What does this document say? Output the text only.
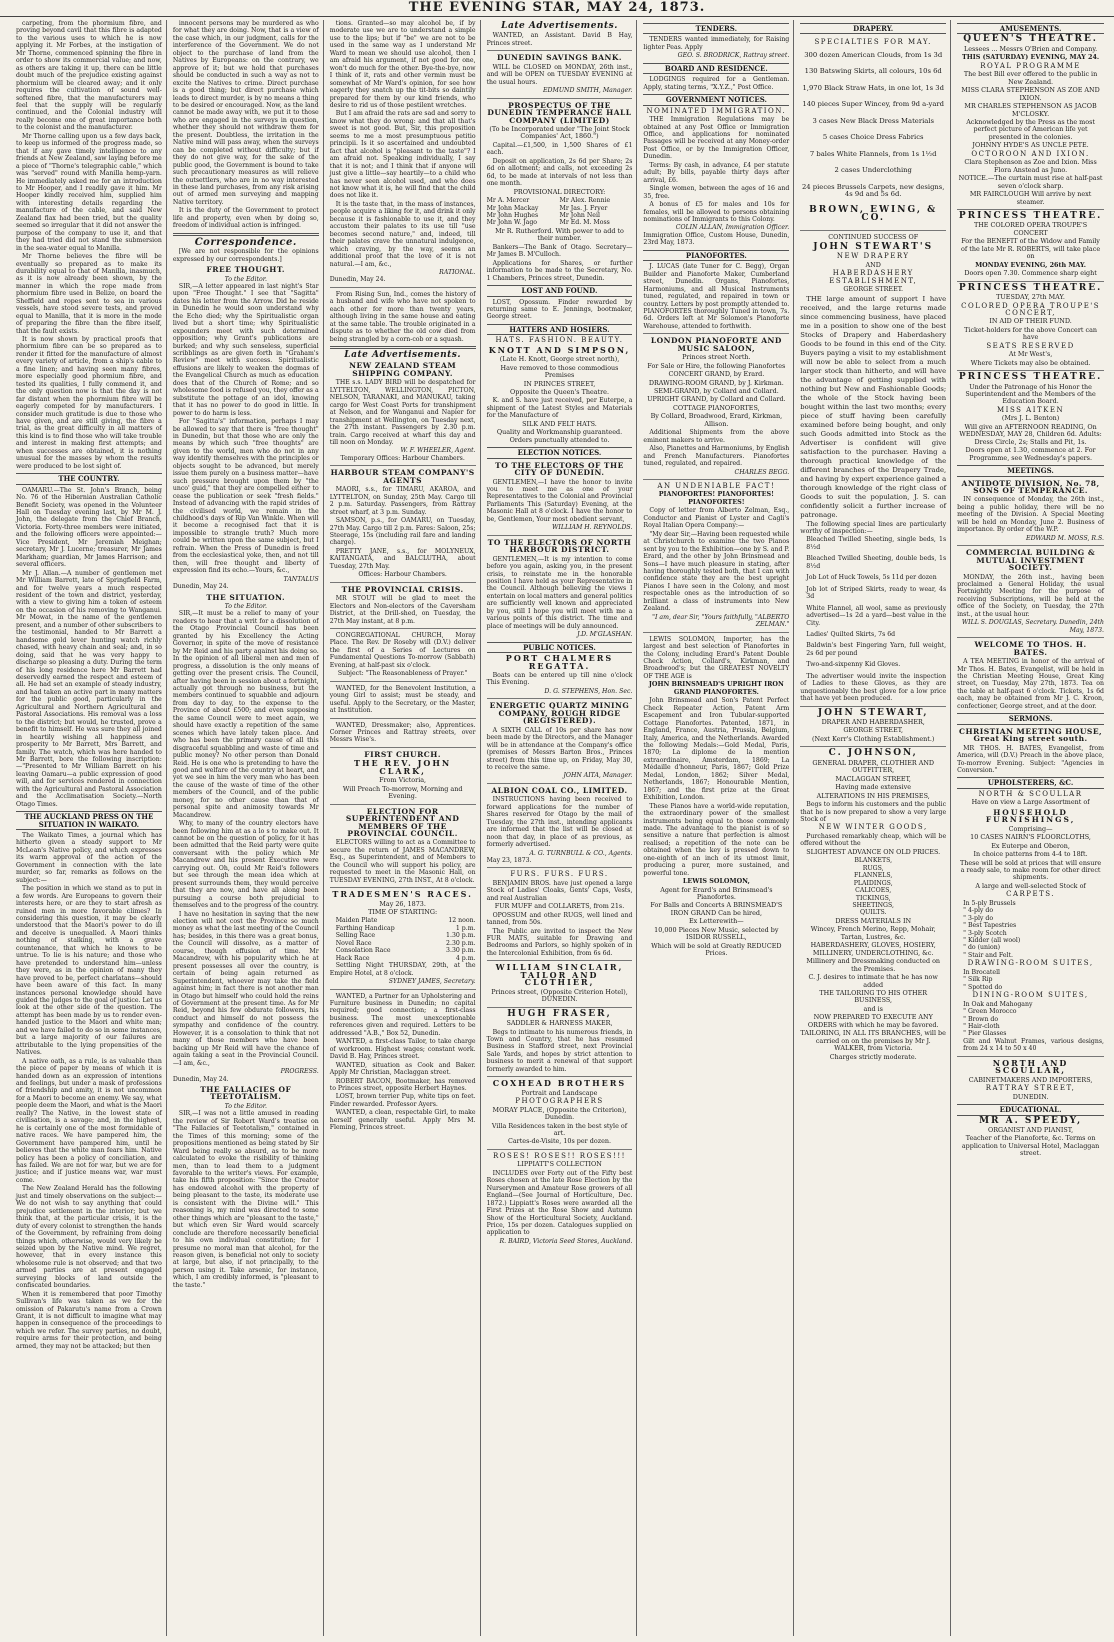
THE EVENING STAR, MAY 24, 1873.

carpeting, from the phormium fibre, and proving beyond cavil that this fibre is adapted to the various uses to which he is now applying it. Mr Forbes, at the instigation of Mr Thorne, commenced spinning the fibre in order to show its commercial value; and now, as others are taking it up, there can be little doubt much of the prejudice existing against phormium will be cleared away; and it only requires the cultivation of sound well-softened fibre, that the manufacturers may feel that the supply will be regularly continued, and the Colonial industry will really become one of great importance both to the colonist and the manufacturer.

Mr Thorne calling upon us a few days back, to keep us informed of the progress made, so that if any gave timely intelligence to any friends at New Zealand, saw laying before me a piece of "Thorne's telegraphic cable," which was "served" round with Manilla hemp-yarn. He immediately asked me for an introduction to Mr Hooper, and I readily gave it him. Mr Hooper kindly received him, supplied him with interesting details regarding the manufacture of the cable, and said New Zealand flax had been tried, but the quality seemed so irregular that it did not answer the purpose of the company to use it, and that they had tried did not stand the submersion in the sea-water equal to Manilla.

Mr Thorne believes the fibre will be eventually so prepared as to make its durability equal to that of Manilla, inasmuch, as it is now already been shown, by the manner in which the rope made from phormium fibre used in Belize, on board the Sheffield and ropes sent to sea in various vessels, have stood severe tests, and proved equal to Manilla, that it is more in the mode of preparing the fibre than the fibre itself, that the fault exists.

It is now shown by practical proofs that phormium fibre can be so prepared as to render it fitted for the manufacture of almost every variety of article, from a ship's cable to a fine linen; and having seen many fibres, more especially good phormium fibre, and tested its qualities, I fully commend it, and the only question now is that the day is not far distant when the phormium fibre will be eagerly competed for by manufacturers. I consider much gratitude is due to those who have given, and are still giving, the fibre a trial, as the great difficulty in all matters of this kind is to find those who will take trouble and interest in making first attempts; and when successes are obtained, it is nothing unusual for the masses by whom the results were produced to be lost sight of.

THE COUNTRY.

OAMARU.—The St. John's Branch, being No. 76 of the Hibernian Australian Catholic Benefit Society, was opened in the Volunteer Hall on Tuesday evening last, by Mr M. J. John, the delegate from the Chief Branch, Victoria. Forty-three members were initiated, and the following officers were appointed:— Vice President, Mr Jeremiah Meighan; secretary, Mr J. Lucerne; treasurer, Mr James Markham; guardian, Mr James Harrison; and several officers.

Mr J. Allan.—A number of gentlemen met Mr William Barrett, late of Springfield Farm, and for twelve years a much respected resident of the town and district, yesterday, with a view to giving him a token of esteem on the occasion of his removing to Wanganui. Mr Mowat, in the name of the gentlemen present, and a number of other subscribers to the testimonial, handed to Mr Barrett a handsome gold lever hunting watch richly chased, with heavy chain and seal; and, in so doing, said that he was very happy to discharge so pleasing a duty. During the term of his long residence here Mr Barrett had deservedly earned the respect and esteem of all. He had set an example of steady industry, and had taken an active part in many matters for the public good, particularly in the Agricultural and Northern Agricultural and Pastoral Associations. His removal was a loss to the district; but would, he trusted, prove a benefit to himself. He was sure they all joined in heartily wishing all happiness and prosperity to Mr Barrett, Mrs Barrett, and family. The watch, which was here handed to Mr Barrett, bore the following inscription:—"Presented to Mr William Barrett on his leaving Oamaru—a public expression of good will, and for services rendered in connection with the Agricultural and Pastoral Association and the Acclimatisation Society.—North Otago Times.

THE AUCKLAND PRESS ON THE SITUATION IN WAIKATO.

The Waikato Times, a journal which has hitherto given a steady support to Mr McLean's Native policy, and which expresses its warm approval of the action of the Government in connection with the late murder, so far, remarks as follows on the subject:—

The position in which we stand as to put in a few words. Are Europeans to govern their interests here, or are they to start afresh as ruined men in more favorable climes? In considering this question, it may be clearly understood that the Maori's power to do ill and deceive is unequalled. A Maori thinks nothing of stalking, with a grave countenance, that which he knows to be untrue. To lie is his nature; and those who have pretended to understand him—unless they were, as in the opinion of many they have proved to be, perfect charlatans—should have been aware of this fact. In many instances personal knowledge should have guided the judges to the goal of justice. Let us look at the other side of the question. The attempt has been made by us to render even-handed justice to the Maori and white man; and we have failed to do so in some instances, but a large majority of our failures are attributable to the lying propensities of the Natives.

A native oath, as a rule, is as valuable than the piece of paper by means of which it is handed down as an expression of intentions and feelings, but under a mask of professions of friendship and amity, it is not uncommon for a Maori to become an enemy. We say, what people deem the Maori, and what is the Maori really? The Native, in the lowest state of civilisation, is a savage; and, in the highest, he is certainly one of the most formidable of native races. We have pampered him, the Government have pampered him, until he believes that the white man fears him. Native policy has been a policy of conciliation, and has failed. We are not for war, but we are for justice; and if justice means war, war must come.

The New Zealand Herald has the following just and timely observations on the subject:—We do not wish to say anything that could prejudice settlement in the interior; but we think that, at the particular crisis, it is the duty of every colonist to strengthen the hands of the Government, by refraining from doing things which, otherwise, would very likely be seized upon by the Native mind. We regret, however, that in every instance this wholesome rule is not observed; and that two armed parties are at present engaged surveying blocks of land outside the confiscated boundaries.

When it is remembered that poor Timothy Sullivan's life was taken as we for the omission of Pakarutu's name from a Crown Grant, it is not difficult to imagine what may happen in consequence of the proceedings to which we refer. The survey parties, no doubt, require arms for their protection, and being armed, they may not be attacked; but then

innocent persons may be murdered as who for what they are doing. Now, that is a view of the case which, in our judgment, calls for the interference of the Government. We do not object to the purchase of land from the Natives by Europeans: on the contrary, we approve of it; but we hold that purchases should be conducted in such a way as not to excite the Natives to crime. Direct purchase is a good thing; but direct purchase which leads to direct murder, is by no means a thing to be desired or encouraged. Now, as the land cannot be made away with, we put it to those who are engaged in the surveys in question, whether they should not withdraw them for the present. Doubtless, the irritation in the Native mind will pass away, when the surveys can be completed without difficulty; but if they do not give way, for the sake of the public good, the Government is bound to take such precautionary measures as will relieve the outsettlers, who are in no way interested in these land purchases, from any risk arising out of armed men surveying and mapping Native territory.

It is the duty of the Government to protect life and property, even when by doing so, freedom of individual action is infringed.

Correspondence.

[We are not responsible for the opinions expressed by our correspondents.]

FREE THOUGHT.
To the Editor.

SIR,—A letter appeared in last night's Star upon "Free Thought." I see that "Sagitta" dates his letter from the Arrow. Did he reside in Dunedin he would soon understand why the Echo died; why the Spiritualistic organ lived but a short time; why Spiritualistic expounders meet with such determined opposition; why Grant's publications are burked; and why such senseless, superficial scribblings as are given forth in "Graham's Review" meet with success. Spiritualistic effusions are likely to weaken the dogmas of the Evangelical Church as much as education does that of the Church of Rome; and so wholesome food is refused you, they offer as a substitute the pottage of an idol, knowing that it has no power to do good in little. In power to do harm is less.

For "Sagitta's" information, perhaps I may be allowed to say that there is "free thought" in Dunedin, but that those who are only the means by which such "free thoughts" are given to the world, men who do not in any way identify themselves with the principles or objects sought to be advanced, but merely issue them purely on a business matter—have such pressure brought upon them by "the unco' guid," that they are compelled either to cease the publication or seek "fresh fields." Instead of advancing with the rapid strides of the civilised world, we remain in the childhood's days of Rip Van Winkle. When will it become a recognised fact that it is impossible to strangle truth? Much more could be written upon the same subject, but I refrain. When the Press of Dunedin is freed from the ecclesiastical yoke, then, and not till then, will free thought and liberty of expression find its echo.—Yours, &c.,

TANTALUS
Dunedin, May 24.
THE SITUATION.
To the Editor.

SIR,—It must be a relief to many of your readers to hear that a writ for a dissolution of the Otago Provincial Council has been granted by his Excellency the Acting Governor, in spite of the move of resistance by Mr Reid and his party against his doing so. In the opinion of all liberal men and men of progress, a dissolution is the only means of getting over the present crisis. The Council, after having been in session about a fortnight, actually got through no business, but the members continued to squabble and adjourn from day to day, to the expense to the Province of about £500; and even supposing the same Council were to meet again, we should have exactly a repetition of the same scenes which have lately taken place. And who has been the primary cause of all this disgraceful squabbling and waste of time and public money? No other person than Donald Reid. He is one who is pretending to have the good and welfare of the country at heart, and yet we see in him the very man who has been the cause of the waste of time of the other members of the Council, and of the public money, for no other cause than that of personal spite and animosity towards Mr Macandrew.

Why, to many of the country electors have been following him at as a lo s to make out. It cannot be on the question of policy, for it has been admitted that the Reid party were quite conversant with the policy which Mr Macandrew and his present Executive were carrying out. Oh, could Mr Reid's followers but see through the mean idea which at present surrounds them, they would perceive that they are now, and have all along been pursuing a course both prejudicial to themselves and to the progress of the country.

I have no hesitation in saying that the new election will not cost the Province so much money as what the last meeting of the Council has; besides, in this there was a great bonus, the Council will dissolve, as a matter of course, though effusion of time. Mr Macandrew, with his popularity which he at present possesses all over the country, is certain of being again returned as Superintendent, whoever may take the field against him; in fact there is not another man in Otago but himself who could hold the reins of Government at the present time. As for Mr Reid, beyond his few obdurate followers, his conduct and himself do not possess the sympathy and confidence of the country. However, it is a consolation to think that not many of those members who have been backing up Mr Reid will have the chance of again taking a seat in the Provincial Council.—I am, &c.,

PROGRESS.
Dunedin, May 24.
THE FALLACIES OF TEETOTALISM.
To the Editor.

SIR,—I was not a little amused in reading the review of Sir Robert Ward's treatise on "The Fallacies of Teetotalism," contained in the Times of this morning; some of the propositions mentioned as being stated by Sir Ward being really so absurd, as to be more calculated to evoke the risibility of thinking men, than to lead them to a judgment favorable to the writer's views. For example, take his fifth proposition: "Since the Creator has endowed alcohol with the property of being pleasant to the taste, its moderate use is consistent with the Divine will." This reasoning is, my mind was directed to some other things which are "pleasant to the taste," but which even Sir Ward would scarcely conclude are therefore necessarily beneficial to his own individual constitution; for I presume no moral man that alcohol, for the reason given, is beneficial not only to society at large, but also, if not principally, to the person using it. Take arsenic, for instance, which, I am credibly informed, is "pleasant to the taste."

tions. Granted—so may alcohol be, if by moderate use we are to understand a simple use to the lips; but if "be" we are not to be used in the same way as I understand Mr Ward to mean we should use alcohol, then I am afraid his argument, if not good for one, won't do much for the other. Bye-the-bye, now I think of it, rats and other vermin must be somewhat of Mr Ward's opinion, for see how eagerly they snatch up the tit-bits so daintily prepared for them by our kind friends, who desire to rid us of those pestilent wretches.

But I am afraid the rats are sad and sorry to know what they do wrong: and that all that's sweet is not good. But, Sir, this proposition seems to me a most presumptuous petitio principii. Is it so ascertained and undoubted fact that alcohol is "pleasant to the taste"? I am afraid not. Speaking individually, I say that it is not; and I think that if anyone will just give a little—say heartily—to a child who has never seen alcohol used, and who does not know what it is, he will find that the child does not like it.

It is the taste that, in the mass of instances, people acquire a liking for it, and drink it only because it is fashionable to use it, and they accustom their palates to its use till "use becomes second nature," and, indeed, till their palates crave the unnatural indulgence, which craving, by the way, seems an additional proof that the love of it is not natural.—I am, &c.,

RATIONAL.
Dunedin, May 24.

From Rising Sun, Ind., comes the history of a husband and wife who have not spoken to each other for more than twenty years, although living in the same house and eating at the same table. The trouble originated in a dispute as to whether the old cow died from being strangled by a corn-cob or a squash.

Late Advertisements.
NEW ZEALAND STEAM SHIPPING COMPANY.

THE s.s. LADY BIRD will be despatched for LYTTELTON, WELLINGTON, PICTON, NELSON, TARANAKI, and MANUKAU, taking cargo for West Coast Ports for transhipment at Nelson, and for Wanganui and Napier for transhipment at Wellington, on Tuesday next, the 27th instant. Passengers by 2.30 p.m. train. Cargo received at wharf this day and till noon on Monday.

W. F. WHEELER, Agent.
Temporary Offices: Harbour Chambers.
HARBOUR STEAM COMPANY'S AGENTS

MAORI, s.s., for TIMARU, AKAROA, and LYTTELTON, on Sunday, 25th May. Cargo till 2 p.m. Saturday. Passengers, from Rattray street wharf, at 3 p.m. Sunday.

SAMSON, p.s., for OAMARU, on Tuesday, 27th May. Cargo till 2 p.m. Fares: Saloon, 25s; Steerage, 15s (including rail fare and landing charge).

PRETTY JANE, s.s., for MOLYNEUX, KAITANGATA, and BALCLUTHA, about Tuesday, 27th May.

Offices: Harbour Chambers.
THE PROVINCIAL CRISIS.

MR STOUT will be glad to meet the Electors and Non-electors of the Caversham District, at the Drill-shed, on Tuesday, the 27th May instant, at 8 p.m.

CONGREGATIONAL CHURCH, Moray Place. The Rev. Dr Roseby will (D.V.) deliver the first of a Series of Lectures on Fundamental Questions To-morrow (Sabbath) Evening, at half-past six o'clock.

Subject: "The Reasonableness of Prayer."

WANTED, for the Benevolent Institution, a young Girl to assist; must be steady, and useful. Apply to the Secretary, or the Master, at Institution.

WANTED, Dressmaker; also, Apprentices. Corner Princes and Rattray streets, over Messrs Wise's.

FIRST CHURCH.
THE REV. JOHN CLARK,
From Victoria,
Will Preach To-morrow, Morning and Evening.
ELECTION FOR SUPERINTENDENT AND MEMBERS OF THE PROVINCIAL COUNCIL.

ELECTORS willing to act as a Committee to secure the return of JAMES MACANDREW, Esq., as Superintendent, and of Members to the Council who will support his policy, are requested to meet in the Masonic Hall, on TUESDAY EVENING, 27th INST., At 8 o'clock.

TRADESMEN'S RACES.
May 26, 1873.
TIME OF STARTING:
Maiden Plate	12 noon.
Farthing Handicap	1 p.m.
Selling Race	1.30 p.m.
Novel Race	2.30 p.m.
Consolation Race	3.30 p.m.
Hack Race	4 p.m.

Settling Night THURSDAY, 29th, at the Empire Hotel, at 8 o'clock.

SYDNEY JAMES, Secretary.

WANTED, a Partner for an Upholstering and Furniture business in Dunedin; no capital required; good connection; a first-class business. The most unexceptionable references given and required. Letters to be addressed "A.B.," Box 52, Dunedin.

WANTED, a first-class Tailor, to take charge of workroom. Highest wages; constant work. David B. Hay, Princes street.

WANTED, situation as Cook and Baker. Apply Mr Christian, Maclaggan street.

ROBERT BACON, Bootmaker, has removed to Princes street, opposite Herbert Haynes.

LOST, brown terrier Pup, white tips on feet. Finder rewarded. Professor Ayers.

WANTED, a clean, respectable Girl, to make herself generally useful. Apply Mrs M. Fleming, Princes street.

Late Advertisements.

WANTED, an Assistant. David B Hay, Princes street.

DUNEDIN SAVINGS BANK.

WILL be CLOSED on MONDAY, 26th inst., and will be OPEN on TUESDAY EVENING at the usual hours.

EDMUND SMITH, Manager.
PROSPECTUS OF THE DUNEDIN TEMPERANCE HALL COMPANY (LIMITED)
(To be Incorporated under "The Joint Stock Companies' Act, 1860.")

Capital.—£1,500, in 1,500 Shares of £1 each.

Deposit on application, 2s 6d per Share; 2s 6d on allotment; and calls, not exceeding 2s 6d, to be made at intervals of not less than one month.

PROVISIONAL DIRECTORY:
Mr A. Mercer	Mr Alex. Rennie
Mr John Mackay	Mr Jas. J. Fryer
Mr John Hughes	Mr John Neil
Mr John W. Jago	Mr Ed. M. Moss
Mr R. Rutherford. With power to add to their number.

Bankers—The Bank of Otago. Secretary—Mr James B. M'Culloch.

Applications for Shares, or further information to be made to the Secretary, No. 1 Chambers, Princes street, Dunedin.

LOST AND FOUND.

LOST, Opossum. Finder rewarded by returning same to E. Jennings, bootmaker, George street.

HATTERS AND HOSIERS.
HATS. FASHION. BEAUTY.
KNOTT AND SIMPSON,
(Late H. Knott, George street north),
Have removed to those commodious Premises
IN PRINCES STREET,
Opposite the Queen's Theatre.

K. and S. have just received, per Euterpe, a shipment of the Latest Styles and Materials for the Manufacture of

SILK AND FELT HATS.
Quality and Workmanship guaranteed. Orders punctually attended to.
ELECTION NOTICES.
TO THE ELECTORS OF THE CITY OF DUNEDIN.

GENTLEMEN,—I have the honor to invite you to meet me as one of your Representatives to the Colonial and Provincial Parliaments This (Saturday) Evening, at the Masonic Hall at 8 o'clock. I have the honor to be, Gentlemen, Your most obedient servant,

WILLIAM H. REYNOLDS.
TO THE ELECTORS OF NORTH HARBOUR DISTRICT.

GENTLEMEN,—It is my intention to come before you again, asking you, in the present crisis, to reinstate me in the honorable position I have held as your Representative in the Council. Although believing the views I entertain on local matters and general politics are sufficiently well known and appreciated by you, still I hope you will meet with me a various points of this district. The time and place of meetings will be duly announced.

J.D. M'GLASHAN.
PUBLIC NOTICES.
PORT CHALMERS REGATTA.

Boats can be entered up till nine o'clock This Evening.

D. G. STEPHENS, Hon. Sec.
ENERGETIC QUARTZ MINING COMPANY, ROUGH RIDGE (REGISTERED).

A SIXTH CALL of 10s per share has now been made by the Directors, and the Manager will be in attendance at the Company's office (premises of Messrs Barton Bros., Princes street) from this time up, on Friday, May 30, to receive the same.

JOHN AITA, Manager.
ALBION COAL CO., LIMITED.

INSTRUCTIONS having been received to forward applications for the number of Shares reserved for Otago by the mail of Tuesday, the 27th inst., intending applicants are informed that the list will be closed at noon that day, in place of as previous, as formerly advertised.

A. G. TURNBULL & CO., Agents.
May 23, 1873.
FURS. FURS. FURS.

BENJAMIN BROS. have just opened a large Stock of Ladies' Cloaks, Gents' Caps, Vests, and real Australian

FUR MUFF and COLLARETS, from 21s.

OPOSSUM and other RUGS, well lined and tanned, from 50s.

The Public are invited to inspect the New FUR MATS, suitable for Drawing and Bedrooms and Parlors, so highly spoken of in the Intercolonial Exhibition, from 6s 6d.

WILLIAM SINCLAIR, TAILOR AND CLOTHIER,
Princes street, (Opposite Criterion Hotel), DUNEDIN.
HUGH FRASER,
SADDLER & HARNESS MAKER,

Begs to intimate to his numerous friends, in Town and Country, that he has resumed Business in Stafford street, next Provincial Sale Yards, and hopes by strict attention to business to merit a renewal of that support formerly awarded to him.

COXHEAD BROTHERS
Portrait and Landscape
PHOTOGRAPHERS
MORAY PLACE, (Opposite the Criterion), Dunedin.
Villa Residences taken in the best style of art.
Cartes-de-Visite, 10s per dozen.
ROSES! ROSES!! ROSES!!!
LIPPIATT'S COLLECTION

INCLUDES over Forty out of the Fifty best Roses chosen at the late Rose Election by the Nurserymen and Amateur Rose growers of all England—(See Journal of Horticulture, Dec. 1872.) Lippiatt's Roses were awarded all the First Prizes at the Rose Show and Autumn Show of the Horticultural Society, Auckland. Price, 15s per dozen. Catalogues supplied on application to

R. BAIRD, Victoria Seed Stores, Auckland.
TENDERS.

TENDERS wanted immediately, for Raising lighter Peas. Apply

GEO. S. BRODRICK, Rattray street.
BOARD AND RESIDENCE.

LODGINGS required for a Gentleman. Apply, stating terms, "X.Y.Z.," Post Office.

GOVERNMENT NOTICES.
NOMINATED IMMIGRATION.

THE Immigration Regulations may be obtained at any Post Office or Immigration Office, and applications for nominated Passages will be received at any Money-order Post Office, or by the Immigration Officer, Dunedin.

Terms: By cash, in advance, £4 per statute adult; By bills, payable thirty days after arrival, £6.

Single women, between the ages of 16 and 35, free.

A bonus of £5 for males and 10s for females, will be allowed to persons obtaining nominations of Immigrants to this Colony.

COLIN ALLAN, Immigration Officer.
Immigration Office, Custom House, Dunedin, 23rd May, 1873.
PIANOFORTES.

J. LUCAS (late Tuner for C. Begg), Organ Builder and Pianoforte Maker, Cumberland street, Dunedin. Organs, Pianofortes, Harmoniums, and all Musical Instruments tuned, regulated, and repaired in town or country. Letters by post promptly attended to. PIANOFORTES thoroughly Tuned in town, 7s. 6d. Orders left at Mr Solomon's Pianoforte Warehouse, attended to forthwith.

LONDON PIANOFORTE AND MUSIC SALOON,
Princes street North.
For Sale or Hire, the following Pianofortes
CONCERT GRAND, by Erard.
DRAWING-ROOM GRAND, by J. Kirkman.
SEMI-GRAND, by Collard and Collard.
UPRIGHT GRAND, by Collard and Collard.
COTTAGE PIANOFORTES,
By Collard, Broadwood, Erard, Kirkman, Allison.

Additional Shipments from the above eminent makers to arrive.

Also, Pianettes and Harmoniums, by English and French Manufacturers. Pianofortes tuned, regulated, and repaired.

CHARLES BEGG.
AN UNDENIABLE FACT!
PIANOFORTES! PIANOFORTES! PIANOFORTES!

Copy of letter from Alberto Zelman, Esq., Conductor and Pianist of Lyster and Cagli's Royal Italian Opera Company:—

"My dear Sir,—Having been requested while at Christchurch to examine the two Pianos sent by you to the Exhibition—one by S. and P. Erard, and the other by John Brinsmead and Sons—I have much pleasure in stating, after having thoroughly tested both, that I can with confidence state they are the best upright Pianos I have seen in the Colony, and most respectable ones as the introduction of so brilliant a class of instruments into New Zealand.

"I am, dear Sir, "Yours faithfully, "ALBERTO ZELMAN."

LEWIS SOLOMON, Importer, has the largest and best selection of Pianofortes in the Colony, including Erard's Patent Double Check Action, Collard's, Kirkman, and Broadwood's; but the GREATEST NOVELTY OF THE AGE is

JOHN BRINSMEAD'S UPRIGHT IRON GRAND PIANOFORTES.

John Brinsmead and Son's Patent Perfect Check Repeater Action, Patent Arm Escapement and Iron Tubular-supported Cottage Pianofortes. Patented, 1871, in England, France, Austria, Prussia, Belgium, Italy, America, and the Netherlands. Awarded the following Medals:—Gold Medal, Paris, 1870; La diplome de la mention extraordinaire, Amsterdam, 1869; La Médaille d'honneur, Paris, 1867; Gold Prize Medal, London, 1862; Silver Medal, Netherlands, 1867; Honourable Mention, 1867; and the first prize at the Great Exhibition, London.

These Pianos have a world-wide reputation, the extraordinary power of the smallest instruments being equal to those commonly made. The advantage to the pianist is of so sensitive a nature that perfection is almost realised; a repetition of the note can be obtained when the key is pressed down to one-eighth of an inch of its utmost limit, producing a purer, more sustained, and powerful tone.

LEWIS SOLOMON,
Agent for Erard's and Brinsmead's Pianofortes.
For Balls and Concerts A BRINSMEAD'S IRON GRAND Can be hired,
Ex Letterewith—
10,000 Pieces New Music, selected by ISIDOR RUSSELL,
Which will be sold at Greatly REDUCED Prices.
DRAPERY.
SPECIALTIES FOR MAY.
300 dozen American Clouds, from 1s 3d
130 Batswing Skirts, all colours, 10s 6d
1,970 Black Straw Hats, in one lot, 1s 3d
140 pieces Super Wincey, from 9d a-yard
3 cases New Black Dress Materials
5 cases Choice Dress Fabrics
7 bales White Flannels, from 1s 1½d
2 cases Underclothing
24 pieces Brussels Carpets, new designs, 4s 9d and 5s 6d.
BROWN, EWING, & CO.
CONTINUED SUCCESS OF
JOHN STEWART'S
NEW DRAPERY
AND
HABERDASHERY ESTABLISHMENT,
GEORGE STREET.

THE large amount of support I have received, and the large returns made since commencing business, have placed me in a position to show one of the best Stocks of Drapery and Haberdashery Goods to be found in this end of the City. Buyers paying a visit to my establishment will now be able to select from a much larger stock than hitherto, and will have the advantage of getting supplied with nothing but New and Fashionable Goods; the whole of the Stock having been bought within the last two months; every piece of stuff having been carefully examined before being bought, and only such Goods admitted into Stock as the Advertiser is confident will give satisfaction to the purchaser. Having a thorough practical knowledge of the different branches of the Drapery Trade, and having by expert experience gained a thorough knowledge of the right class of Goods to suit the population, J. S. can confidently solicit a further increase of patronage.

The following special lines are particularly worthy of inspection:—

Bleached Twilled Sheeting, single beds, 1s 8½d
Bleached Twilled Sheeting, double beds, 1s 8½d
Job Lot of Huck Towels, 5s 11d per dozen
Job lot of Striped Skirts, ready to wear, 4s 3d
White Flannel, all wool, same as previously advertised—1s 2d a yard—best value in the City.
Ladies' Quilted Skirts, 7s 6d
Baldwin's best Fingering Yarn, full weight, 2s 6d per pound
Two-and-sixpenny Kid Gloves.

The advertiser would invite the inspection of Ladies to these Gloves, as they are unquestionably the best glove for a low price that have yet been produced.

JOHN STEWART,
DRAPER AND HABERDASHER,
GEORGE STREET,
(Next Kerr's Clothing Establishment.)
C. JOHNSON,
GENERAL DRAPER, CLOTHIER AND OUTFITTER,
MACLAGGAN STREET,
Having made extensive
ALTERATIONS IN HIS PREMISES,

Begs to inform his customers and the public that he is now prepared to show a very large Stock of

NEW WINTER GOODS,

Purchased remarkably cheap, which will be offered without the

SLIGHTEST ADVANCE ON OLD PRICES.
BLANKETS,
RUGS,
FLANNELS,
PLAIDINGS,
CALICOES,
TICKINGS,
SHEETINGS,
QUILTS.
DRESS MATERIALS IN
Wincey, French Merino, Repp, Mohair, Tartan, Lustres, &c.
HABERDASHERY, GLOVES, HOSIERY, MILLINERY, UNDERCLOTHING, &c.
Millinery and Dressmaking conducted on the Premises.
C. J. desires to intimate that he has now added
THE TAILORING TO HIS OTHER BUSINESS,
and is
NOW PREPARED TO EXECUTE ANY ORDERS with which he may be favored.
TAILORING, IN ALL ITS BRANCHES, will be carried on on the premises by Mr J. WALKER, from Victoria.
Charges strictly moderate.
AMUSEMENTS.
QUEEN'S THEATRE.
Lessees ... Messrs O'Brien and Company.
THIS (SATURDAY) EVENING, MAY 24.
ROYAL PROGRAMME
The best Bill ever offered to the public in New Zealand.
MISS CLARA STEPHENSON AS ZOE AND IXION.
MR CHARLES STEPHENSON AS JACOB M'CLOSKY.
Acknowledged by the Press as the most perfect picture of American life yet presented in the colonies.
JOHNNY HYDE'S AS UNCLE PETE.
OCTOROON AND IXION.
Clara Stephenson as Zoe and Ixion. Miss Flora Anstead as Juno.
NOTICE.—The curtain must rise at half-past seven o'clock sharp.
MR FAIRCLOUGH Will arrive by next steamer.
PRINCESS THEATRE.
THE COLORED OPERA TROUPE'S CONCERT
For the BENEFIT of the Widow and Family of the late Mr R. ROBERTS, will take place on
MONDAY EVENING, 26th MAY.
Doors open 7.30. Commence sharp eight
PRINCESS THEATRE.
TUESDAY, 27th MAY.
COLORED OPERA TROUPE'S CONCERT,
IN AID OF THEIR FUND.
Ticket-holders for the above Concert can have
SEATS RESERVED
At Mr West's,
Where Tickets may also be obtained.
PRINCESS THEATRE.
Under the Patronage of his Honor the Superintendent and the Members of the Education Board.
MISS AITKEN
(Mrs J. L. Benton)
Will give an AFTERNOON READING, On WEDNESDAY, MAY 28, Children 6d. Adults: Dress Circle, 2s; Stalls and Pit, 1s.
Doors open at 1.30, commence at 2. For Programme, see Wednesday's papers.
MEETINGS.
ANTIDOTE DIVISION, No. 78, SONS OF TEMPERANCE.

IN consequence of Monday, the 26th inst., being a public holiday, there will be no meeting of the Division. A Special Meeting will be held on Monday, June 2. Business of importance. By order of the W.P.

EDWARD M. MOSS, R.S.
COMMERCIAL BUILDING & MUTUAL INVESTMENT SOCIETY.

MONDAY, the 26th inst., having been proclaimed a General Holiday, the usual Fortnightly Meeting for the purpose of receiving Subscriptions, will be held at the office of the Society, on Tuesday, the 27th inst., at the usual hour.

WILL S. DOUGLAS, Secretary. Dunedin, 24th May, 1873.
WELCOME TO THOS. H. BATES.

A TEA MEETING in honor of the arrival of Mr Thos. H. Bates, Evangelist, will be held in the Christian Meeting House, Great King street, on Tuesday, May 27th, 1873. Tea on the table at half-past 6 o'clock. Tickets, 1s 6d each, may be obtained from Mr J. C. Kroon, confectioner, George street, and at the door.

SERMONS.
CHRISTIAN MEETING HOUSE, Great King street south.

MR THOS. H. BATES, Evangelist, from America, will (D.V.) Preach in the above place, To-morrow Evening. Subject: "Agencies in Conversion."

UPHOLSTERERS, &C.
NORTH & SCOULLAR
Have on view a Large Assortment of
HOUSEHOLD FURNISHINGS,
Comprising—
10 CASES NAIRN'S FLOORCLOTHS,
Ex Euterpe and Oberon,
In choice patterns from 4-4 to 18ft.
These will be sold at prices that will ensure a ready sale, to make room for other direct shipments.
A large and well-selected Stock of
CARPETS.
In 5-ply Brussels
" 4-ply do
" 3-ply do
" Best Tapestries
" 3-ply Scotch
" Kidder (all wool)
" do (union)
" Stair and Felt.
DRAWING-ROOM SUITES,
In Brocatell
" Silk Rip
" Spotted do
DINING-ROOM SUITES,
In Oak and Mahogany
" Green Morocco
" Brown do
" Hair-cloth
" Pier Glasses
Gilt and Walnut Frames, various designs, from 24 x 14 to 50 x 40
NORTH AND SCOULLAR,
CABINETMAKERS AND IMPORTERS,
RATTRAY STREET,
DUNEDIN.
EDUCATIONAL.
MR A. SPEEDY,
ORGANIST AND PIANIST,
Teacher of the Pianoforte, &c. Terms on application to Universal Hotel, Maclaggan street.
